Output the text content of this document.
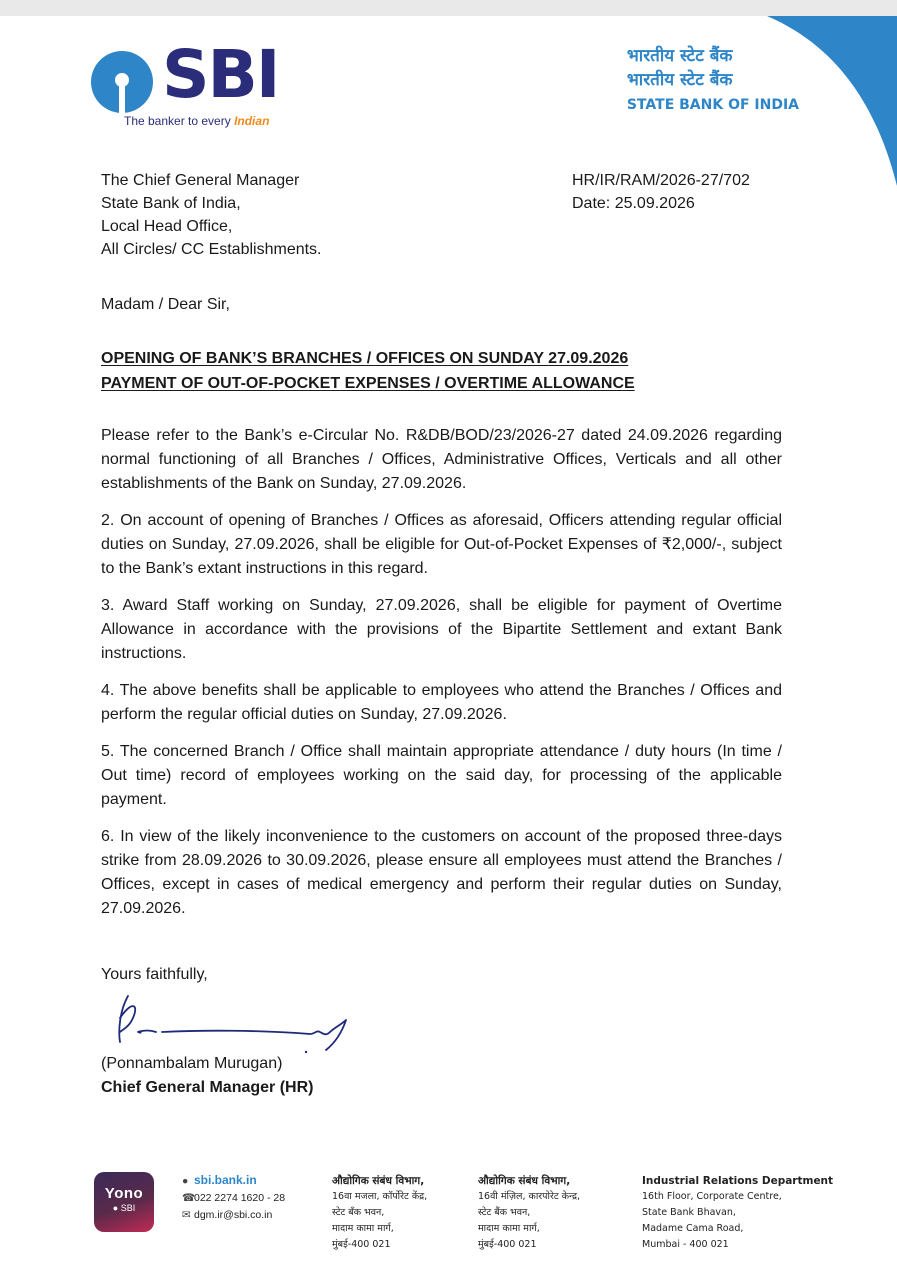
SBI
The banker to every Indian
भारतीय स्टेट बैंक
भारतीय स्टेट बैंक
STATE BANK OF INDIA
The Chief General Manager
State Bank of India,
Local Head Office,
All Circles/ CC Establishments.
HR/IR/RAM/2026-27/702
Date: 25.09.2026
Madam / Dear Sir,
OPENING OF BANK’S BRANCHES / OFFICES ON SUNDAY 27.09.2026
PAYMENT OF OUT-OF-POCKET EXPENSES / OVERTIME ALLOWANCE

Please refer to the Bank’s e-Circular No. R&DB/BOD/23/2026-27 dated 24.09.2026 regarding normal functioning of all Branches / Offices, Administrative Offices, Verticals and all other establishments of the Bank on Sunday, 27.09.2026.

2. On account of opening of Branches / Offices as aforesaid, Officers attending regular official duties on Sunday, 27.09.2026, shall be eligible for Out-of-Pocket Expenses of ₹2,000/-, subject to the Bank’s extant instructions in this regard.

3. Award Staff working on Sunday, 27.09.2026, shall be eligible for payment of Overtime Allowance in accordance with the provisions of the Bipartite Settlement and extant Bank instructions.

4. The above benefits shall be applicable to employees who attend the Branches / Offices and perform the regular official duties on Sunday, 27.09.2026.

5. The concerned Branch / Office shall maintain appropriate attendance / duty hours (In time / Out time) record of employees working on the said day, for processing of the applicable payment.

6. In view of the likely inconvenience to the customers on account of the proposed three-days strike from 28.09.2026 to 30.09.2026, please ensure all employees must attend the Branches / Offices, except in cases of medical emergency and perform their regular duties on Sunday, 27.09.2026.

Yours faithfully,
(Ponnambalam Murugan)
Chief General Manager (HR)
Yono
● SBI
● sbi.bank.in
☎022 2274 1620 - 28
✉ dgm.ir@sbi.co.in
औद्योगिक संबंध विभाग,
16वा मजला, कॉर्पोरेट केंद्र,
स्टेट बँक भवन,
मादाम कामा मार्ग,
मुंबई-400 021
औद्योगिक संबंध विभाग,
16वी मंज़िल, कारपोरेट केन्द्र,
स्टेट बैंक भवन,
मादाम कामा मार्ग,
मुंबई-400 021
Industrial Relations Department
16th Floor, Corporate Centre,
State Bank Bhavan,
Madame Cama Road,
Mumbai - 400 021
